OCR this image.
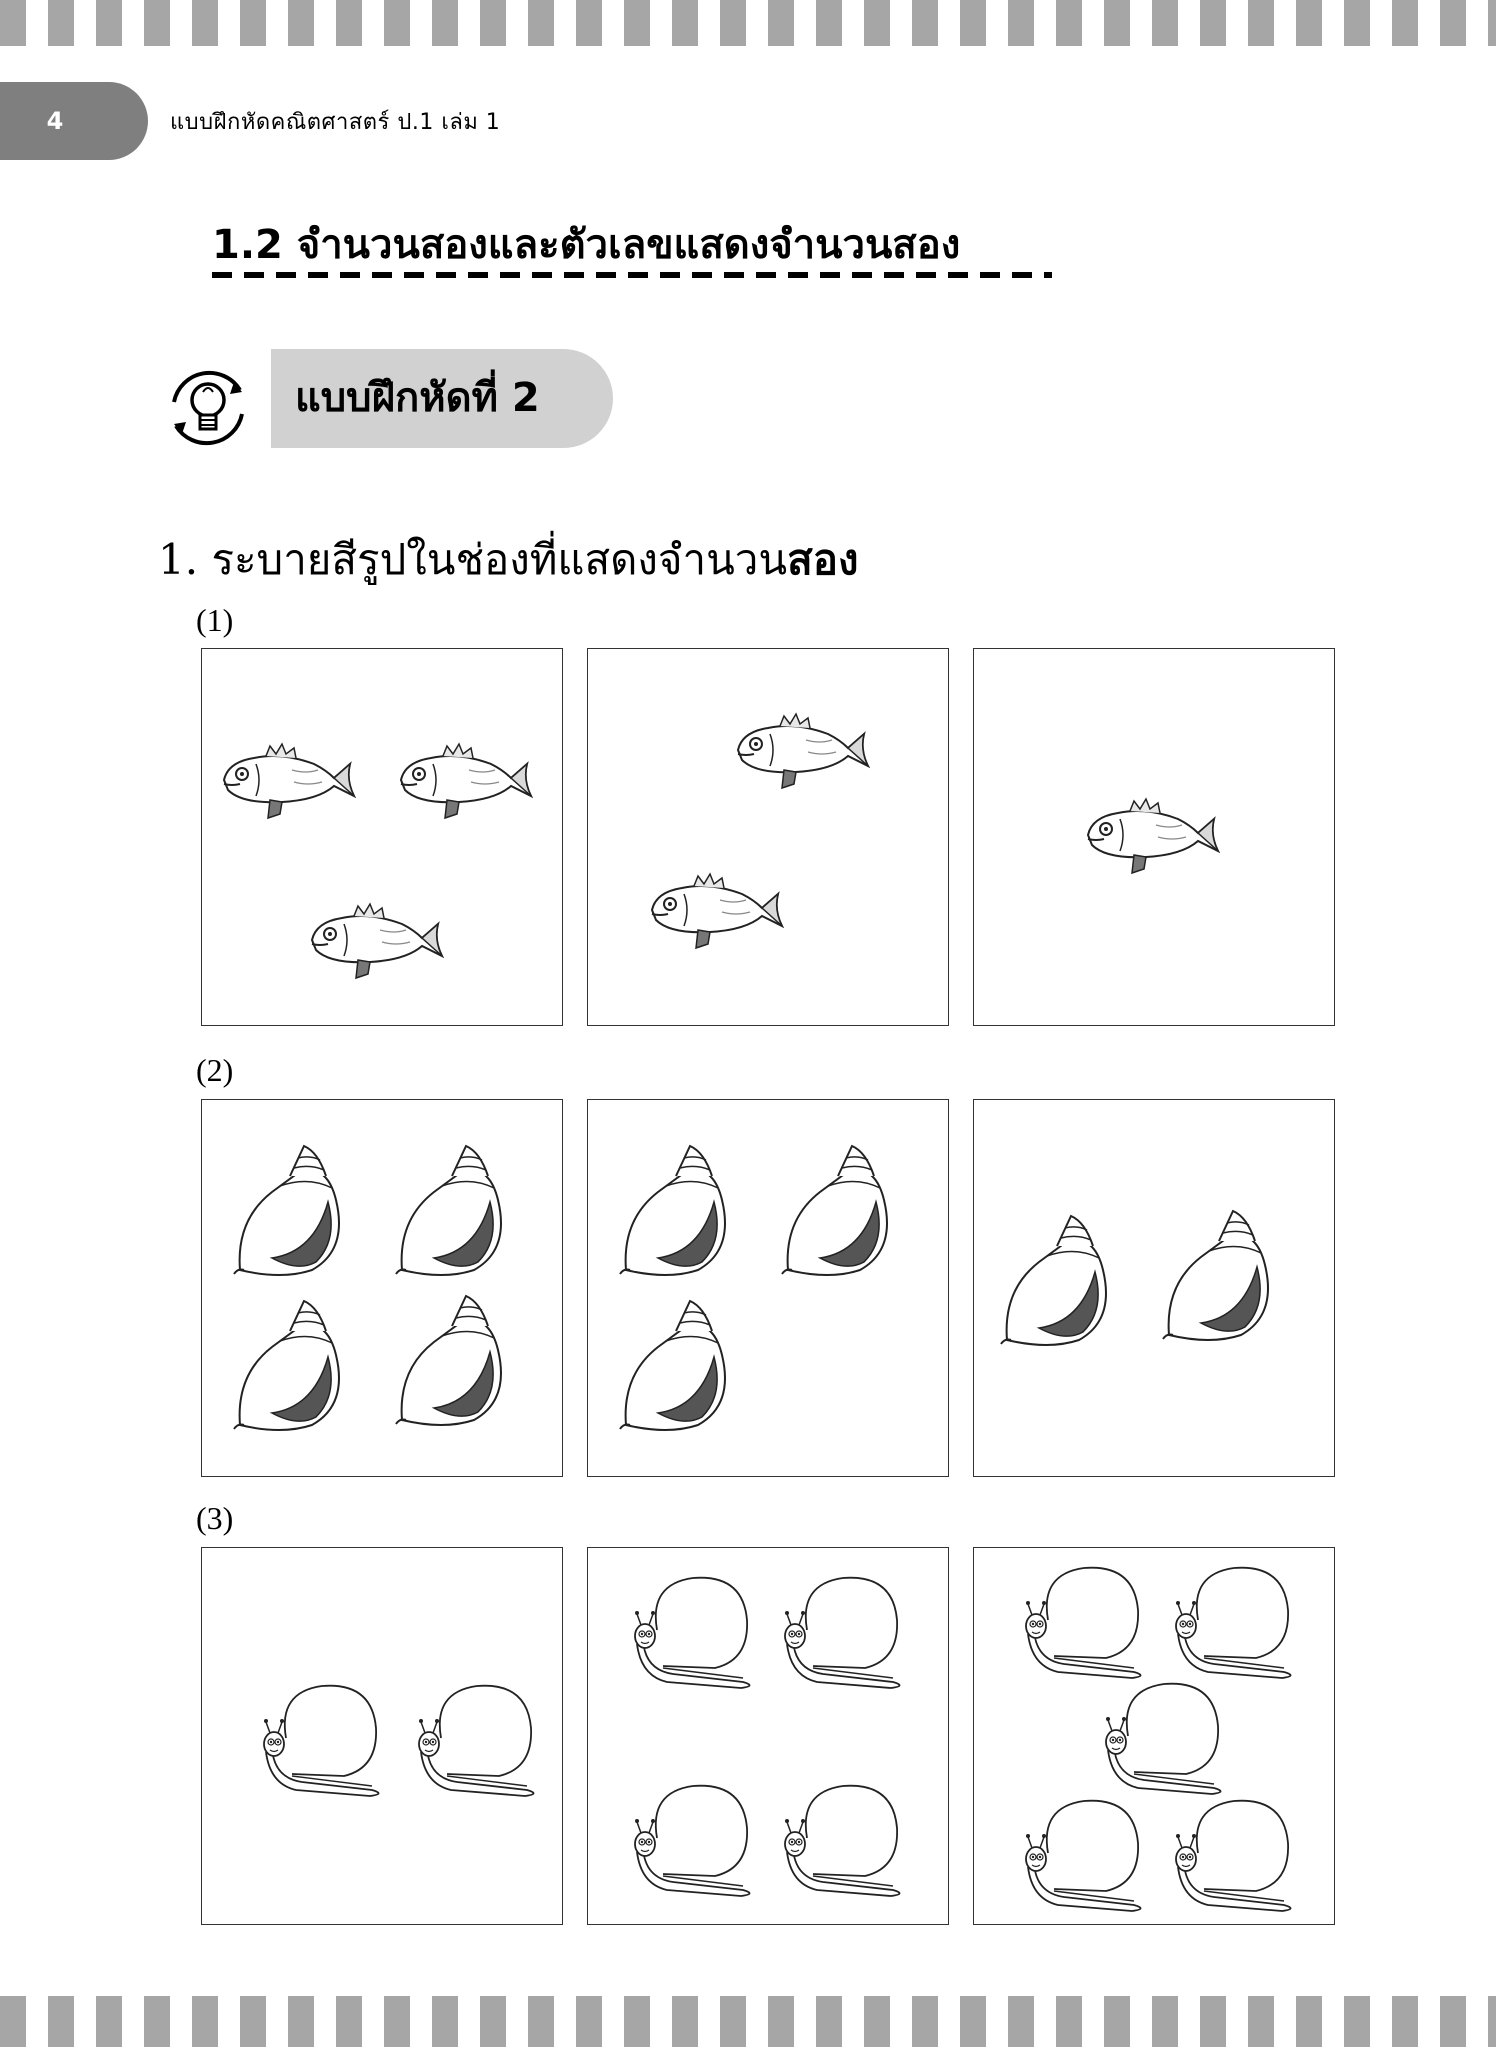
4	แบบฝึกหัดคณิตศาสตร์ ป.1 เล่ม 1
1.2 จำนวนสองและตัวเลขแสดงจำนวนสอง
แบบฝึกหัดที่ 2
1. ระบายสีรูปในช่องที่แสดงจำนวนสอง
(1)
(2)
(3)
